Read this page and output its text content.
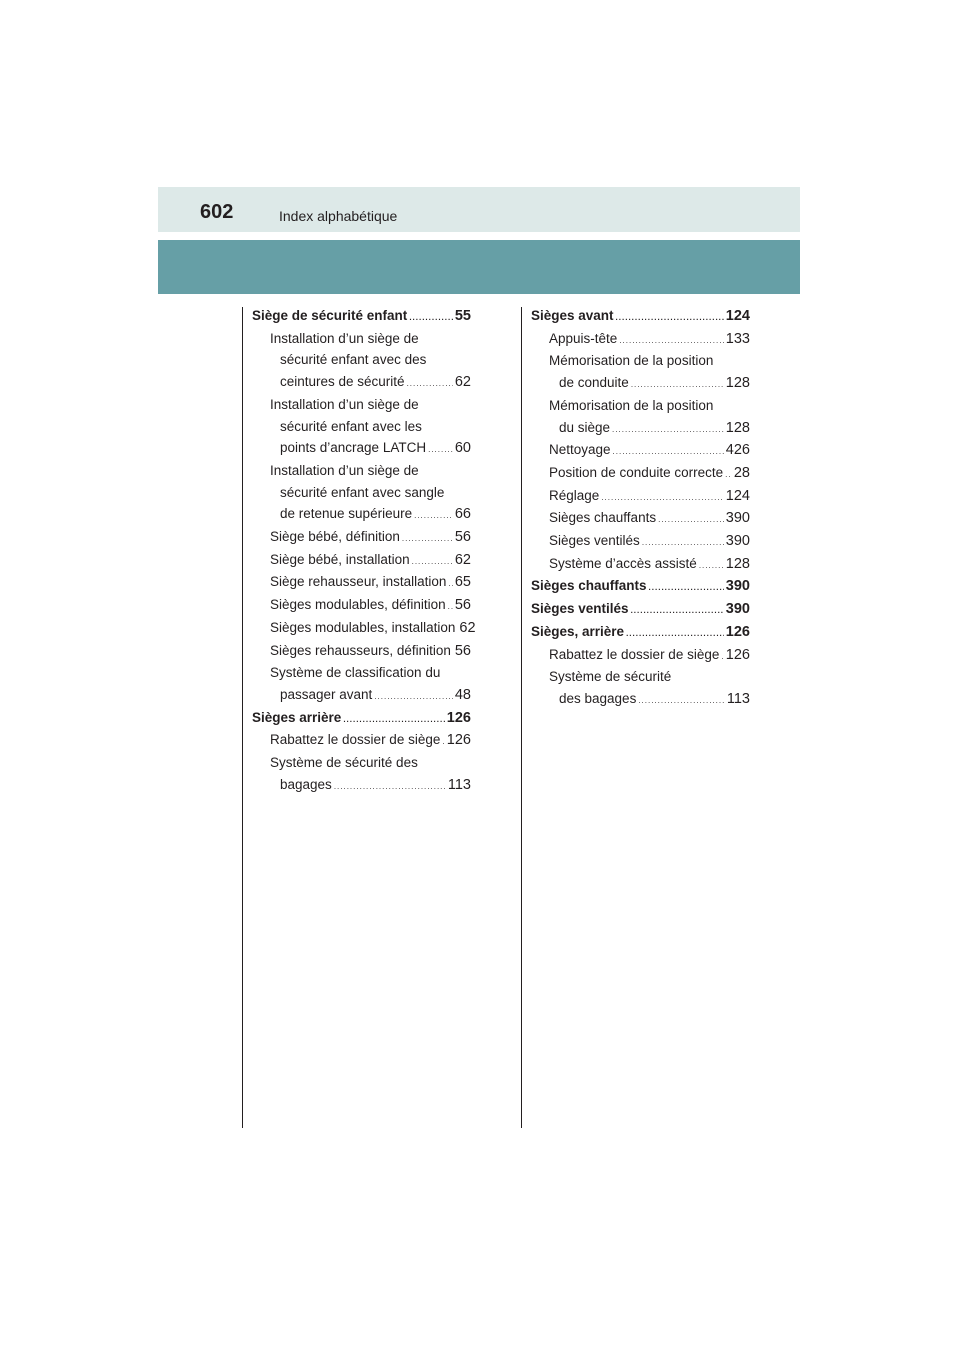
602	Index alphabétique
Siège de sécurité enfant .....	55
Installation d’un siège de
sécurité enfant avec des
ceintures de sécurité .....	62
Installation d’un siège de
sécurité enfant avec les
points d’ancrage LATCH ..... 60
Installation d’un siège de
sécurité enfant avec sangle
de retenue supérieure .....	66
Siège bébé, définition .....	56
Siège bébé, installation .....	62
Siège rehausseur, installation ..... 65
Sièges modulables, définition ..... 56
Sièges modulables, installation 62
Sièges rehausseurs, définition 56
Système de classification du
passager avant .....	48
Sièges arrière .....	126
Rabattez le dossier de siège ..... 126
Système de sécurité des
bagages .....	113
Sièges avant .....	124
Appuis-tête .....	133
Mémorisation de la position
de conduite .....	128
Mémorisation de la position
du siège .....	128
Nettoyage .....	426
Position de conduite correcte ..... 28
Réglage .....	124
Sièges chauffants .....	390
Sièges ventilés .....	390
Système d’accès assisté ..... 128
Sièges chauffants .....	390
Sièges ventilés .....	390
Sièges, arrière .....	126
Rabattez le dossier de siège ..... 126
Système de sécurité
des bagages .....	113
